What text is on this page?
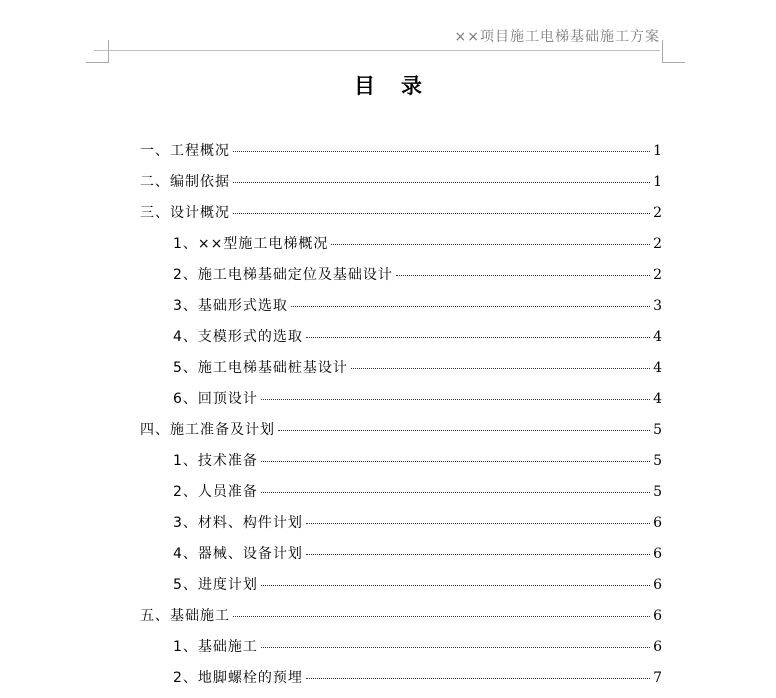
××项目施工电梯基础施工方案
目录
一、工程概况	1
二、编制依据	1
三、设计概况	2
1、××型施工电梯概况	2
2、施工电梯基础定位及基础设计	2
3、基础形式选取	3
4、支模形式的选取	4
5、施工电梯基础桩基设计	4
6、回顶设计	4
四、施工准备及计划	5
1、技术准备	5
2、人员准备	5
3、材料、构件计划	6
4、器械、设备计划	6
5、进度计划	6
五、基础施工	6
1、基础施工	6
2、地脚螺栓的预埋	7
